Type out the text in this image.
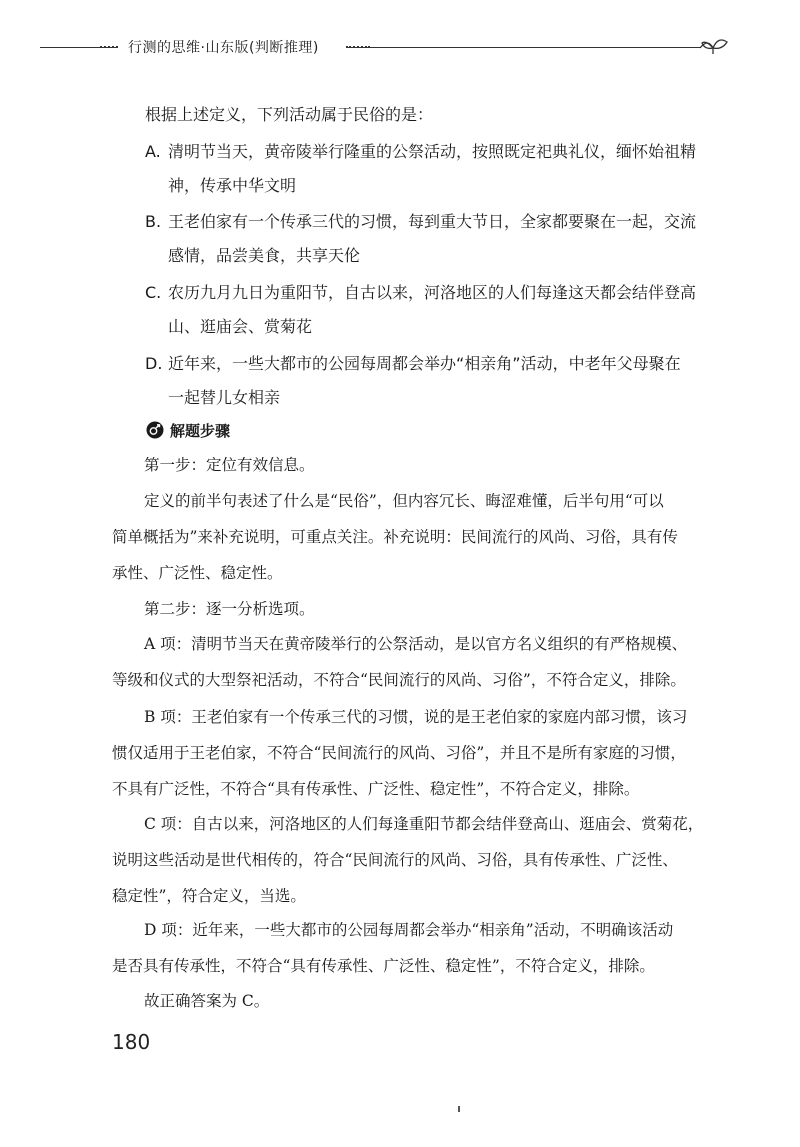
行测的思维·山东版(判断推理)
根据上述定义，下列活动属于民俗的是：
A. 清明节当天，黄帝陵举行隆重的公祭活动，按照既定祀典礼仪，缅怀始祖精
神，传承中华文明
B. 王老伯家有一个传承三代的习惯，每到重大节日，全家都要聚在一起，交流
感情，品尝美食，共享天伦
C. 农历九月九日为重阳节，自古以来，河洛地区的人们每逢这天都会结伴登高
山、逛庙会、赏菊花
D. 近年来，一些大都市的公园每周都会举办“相亲角”活动，中老年父母聚在
一起替儿女相亲
解题步骤
第一步：定位有效信息。
定义的前半句表述了什么是“民俗”，但内容冗长、晦涩难懂，后半句用“可以
简单概括为”来补充说明，可重点关注。补充说明：民间流行的风尚、习俗，具有传
承性、广泛性、稳定性。
第二步：逐一分析选项。
A 项：清明节当天在黄帝陵举行的公祭活动，是以官方名义组织的有严格规模、
等级和仪式的大型祭祀活动，不符合“民间流行的风尚、习俗”，不符合定义，排除。
B 项：王老伯家有一个传承三代的习惯，说的是王老伯家的家庭内部习惯，该习
惯仅适用于王老伯家，不符合“民间流行的风尚、习俗”，并且不是所有家庭的习惯，
不具有广泛性，不符合“具有传承性、广泛性、稳定性”，不符合定义，排除。
C 项：自古以来，河洛地区的人们每逢重阳节都会结伴登高山、逛庙会、赏菊花，
说明这些活动是世代相传的，符合“民间流行的风尚、习俗，具有传承性、广泛性、
稳定性”，符合定义，当选。
D 项：近年来，一些大都市的公园每周都会举办“相亲角”活动，不明确该活动
是否具有传承性，不符合“具有传承性、广泛性、稳定性”，不符合定义，排除。
故正确答案为 C。
180
